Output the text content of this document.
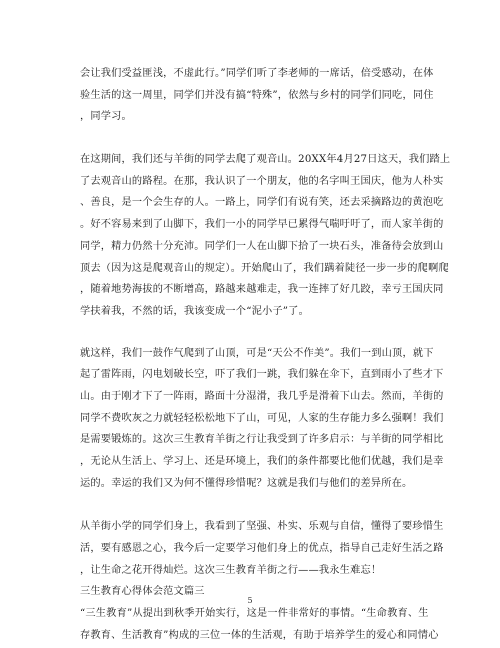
会让我们受益匪浅，不虚此行。”同学们听了李老师的一席话，倍受感动，在体
验生活的这一周里，同学们并没有搞“特殊”，依然与乡村的同学们同吃，同住
，同学习。
在这期间，我们还与羊街的同学去爬了观音山。20XX年4月27日这天，我们踏上
了去观音山的路程。在那，我认识了一个朋友，他的名字叫王国庆，他为人朴实
、善良，是一个会生存的人。一路上，同学们有说有笑，还去采摘路边的黄泡吃
。好不容易来到了山脚下，我们一小的同学早已累得气喘吁吁了，而人家羊街的
同学，精力仍然十分充沛。同学们一人在山脚下拾了一块石头，准备待会放到山
顶去（因为这是爬观音山的规定）。开始爬山了，我们蹒着陡径一步一步的爬啊爬
，随着地势海拔的不断增高，路越来越难走，我一连摔了好几跤，幸亏王国庆同
学扶着我，不然的话，我该变成一个“泥小子”了。
就这样，我们一鼓作气爬到了山顶，可是“天公不作美”。我们一到山顶，就下
起了雷阵雨，闪电划破长空，吓了我们一跳，我们躲在伞下，直到雨小了些才下
山。由于刚才下了一阵雨，路面十分湿滑，我几乎是滑着下山去。然而，羊街的
同学不费吹灰之力就轻轻松松地下了山，可见，人家的生存能力多么强啊！我们
是需要锻炼的。这次三生教育羊街之行让我受到了许多启示：与羊街的同学相比
，无论从生活上、学习上、还是环境上，我们的条件都要比他们优越，我们是幸
运的。幸运的我们又为何不懂得珍惜呢？这就是我们与他们的差异所在。
从羊街小学的同学们身上，我看到了坚强、朴实、乐观与自信，懂得了要珍惜生
活，要有感恩之心，我今后一定要学习他们身上的优点，指导自己走好生活之路
，让生命之花开得灿烂。这次三生教育羊街之行——我永生难忘！
三生教育心得体会范文篇三
“三生教育”从提出到秋季开始实行，这是一件非常好的事情。“生命教育、生
存教育、生活教育”构成的三位一体的生活观，有助于培养学生的爱心和同情心
5
